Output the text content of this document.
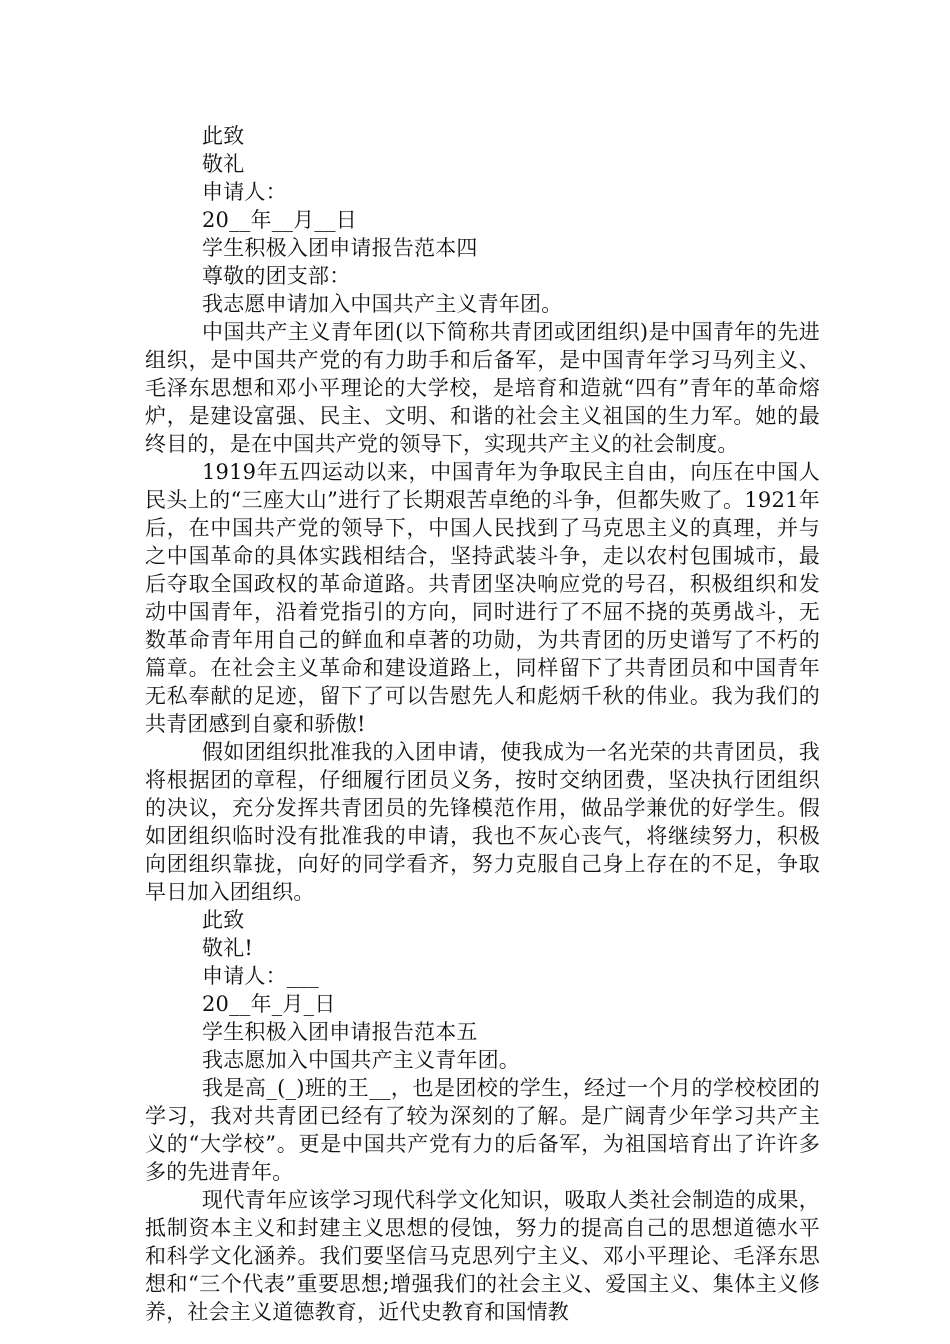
此致

敬礼

申请人：

20__年__月__日

学生积极入团申请报告范本四

尊敬的团支部：

我志愿申请加入中国共产主义青年团。

中国共产主义青年团(以下简称共青团或团组织)是中国青年的先进组织，是中国共产党的有力助手和后备军，是中国青年学习马列主义、毛泽东思想和邓小平理论的大学校，是培育和造就“四有”青年的革命熔炉，是建设富强、民主、文明、和谐的社会主义祖国的生力军。她的最终目的，是在中国共产党的领导下，实现共产主义的社会制度。

1919年五四运动以来，中国青年为争取民主自由，向压在中国人民头上的“三座大山”进行了长期艰苦卓绝的斗争，但都失败了。1921年后，在中国共产党的领导下，中国人民找到了马克思主义的真理，并与之中国革命的具体实践相结合，坚持武装斗争，走以农村包围城市，最后夺取全国政权的革命道路。共青团坚决响应党的号召，积极组织和发动中国青年，沿着党指引的方向，同时进行了不屈不挠的英勇战斗，无数革命青年用自己的鲜血和卓著的功勋，为共青团的历史谱写了不朽的篇章。在社会主义革命和建设道路上，同样留下了共青团员和中国青年无私奉献的足迹，留下了可以告慰先人和彪炳千秋的伟业。我为我们的共青团感到自豪和骄傲!

假如团组织批准我的入团申请，使我成为一名光荣的共青团员，我将根据团的章程，仔细履行团员义务，按时交纳团费，坚决执行团组织的决议，充分发挥共青团员的先锋模范作用，做品学兼优的好学生。假如团组织临时没有批准我的申请，我也不灰心丧气，将继续努力，积极向团组织靠拢，向好的同学看齐，努力克服自己身上存在的不足，争取早日加入团组织。

此致

敬礼!

申请人：___

20__年_月_日

学生积极入团申请报告范本五

我志愿加入中国共产主义青年团。

我是高_(_)班的王__，也是团校的学生，经过一个月的学校校团的学习，我对共青团已经有了较为深刻的了解。是广阔青少年学习共产主义的“大学校”。更是中国共产党有力的后备军，为祖国培育出了许许多多的先进青年。

现代青年应该学习现代科学文化知识，吸取人类社会制造的成果，抵制资本主义和封建主义思想的侵蚀，努力的提高自己的思想道德水平和科学文化涵养。我们要坚信马克思列宁主义、邓小平理论、毛泽东思想和“三个代表”重要思想;增强我们的社会主义、爱国主义、集体主义修养，社会主义道德教育，近代史教育和国情教
